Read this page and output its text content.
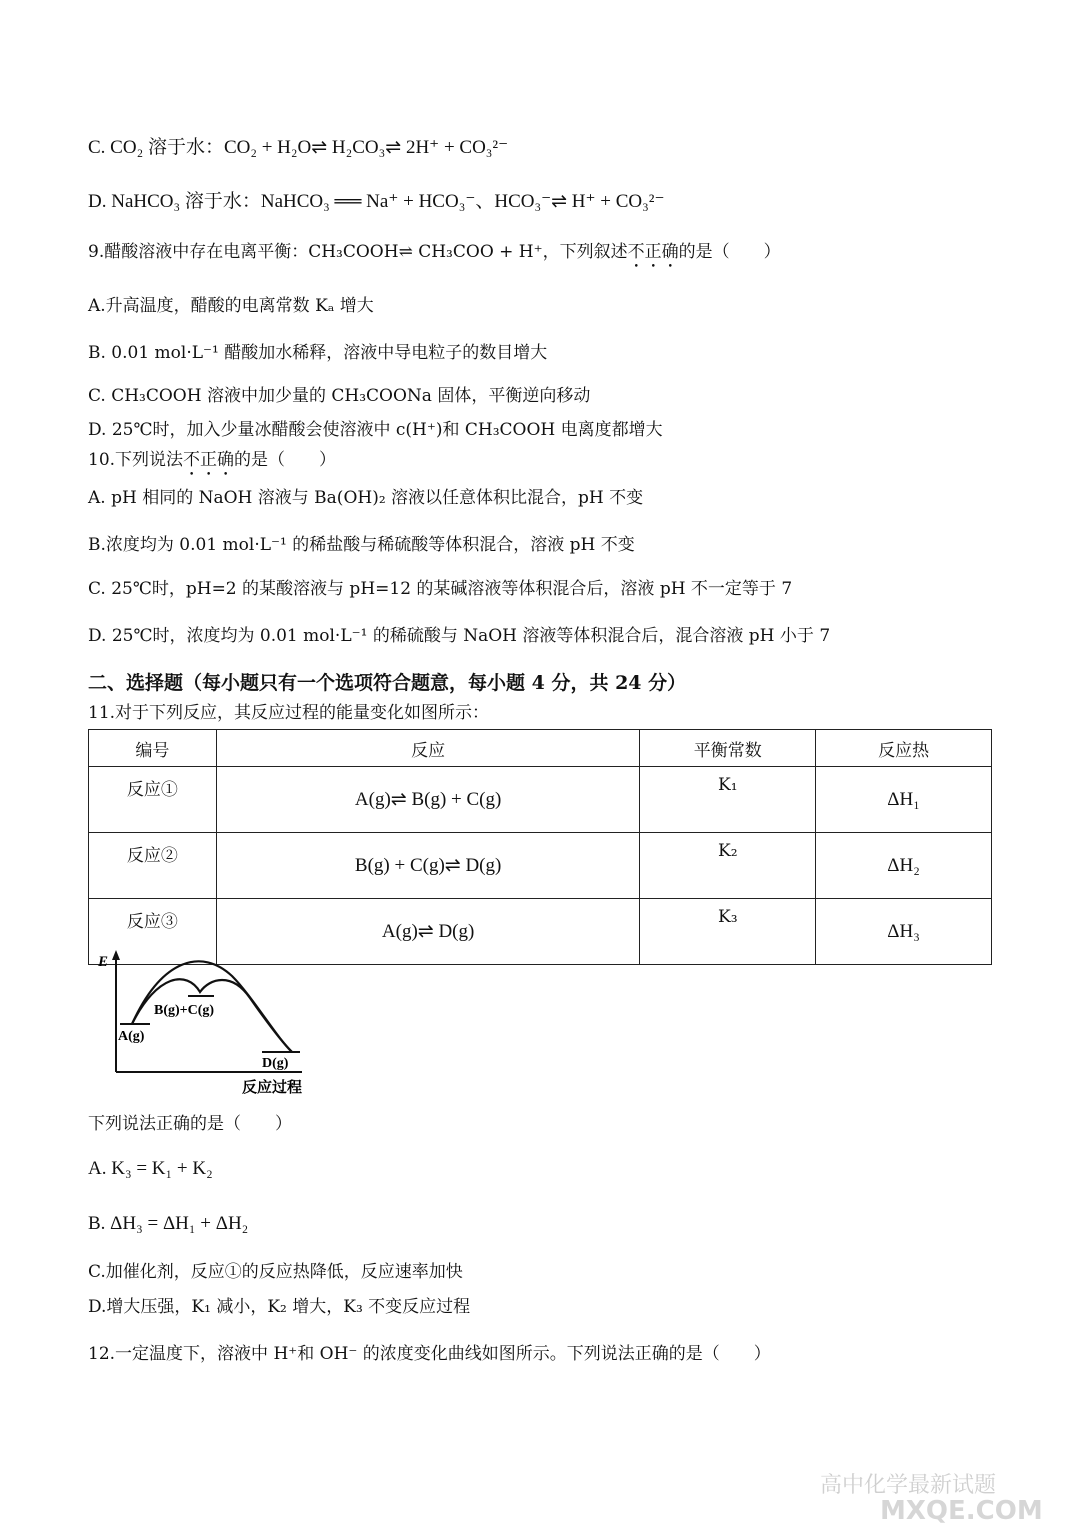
C. CO₂ 溶于水：CO₂ + H₂O⇌ H₂CO₃⇌ 2H⁺ + CO₃²⁻
D. NaHCO₃ 溶于水：NaHCO₃ ══ Na⁺ + HCO₃⁻、HCO₃⁻⇌ H⁺ + CO₃²⁻
9.醋酸溶液中存在电离平衡：CH₃COOH⇌ CH₃COO + H⁺，下列叙述不正确的是（　　）
A.升高温度，醋酸的电离常数 Kₐ 增大
B. 0.01 mol·L⁻¹ 醋酸加水稀释，溶液中导电粒子的数目增大
C. CH₃COOH 溶液中加少量的 CH₃COONa 固体，平衡逆向移动
D. 25℃时，加入少量冰醋酸会使溶液中 c(H⁺)和 CH₃COOH 电离度都增大
10.下列说法不正确的是（　　）
A. pH 相同的 NaOH 溶液与 Ba(OH)₂ 溶液以任意体积比混合，pH 不变
B.浓度均为 0.01 mol·L⁻¹ 的稀盐酸与稀硫酸等体积混合，溶液 pH 不变
C. 25℃时，pH=2 的某酸溶液与 pH=12 的某碱溶液等体积混合后，溶液 pH 不一定等于 7
D. 25℃时，浓度均为 0.01 mol·L⁻¹ 的稀硫酸与 NaOH 溶液等体积混合后，混合溶液 pH 小于 7
二、选择题（每小题只有一个选项符合题意，每小题 4 分，共 24 分）
11.对于下列反应，其反应过程的能量变化如图所示：
编号	反应	平衡常数	反应热
反应①	A(g)⇌ B(g) + C(g)	K₁	ΔH₁
反应②	B(g) + C(g)⇌ D(g)	K₂	ΔH₂
反应③	A(g)⇌ D(g)	K₃	ΔH₃
E
A(g)
B(g)+C(g)
D(g)
反应过程
下列说法正确的是（　　）
A. K₃ = K₁ + K₂
B. ΔH₃ = ΔH₁ + ΔH₂
C.加催化剂，反应①的反应热降低，反应速率加快
D.增大压强，K₁ 减小，K₂ 增大，K₃ 不变反应过程
12.一定温度下，溶液中 H⁺和 OH⁻ 的浓度变化曲线如图所示。下列说法正确的是（　　）
高中化学最新试题
MXQE.COM
